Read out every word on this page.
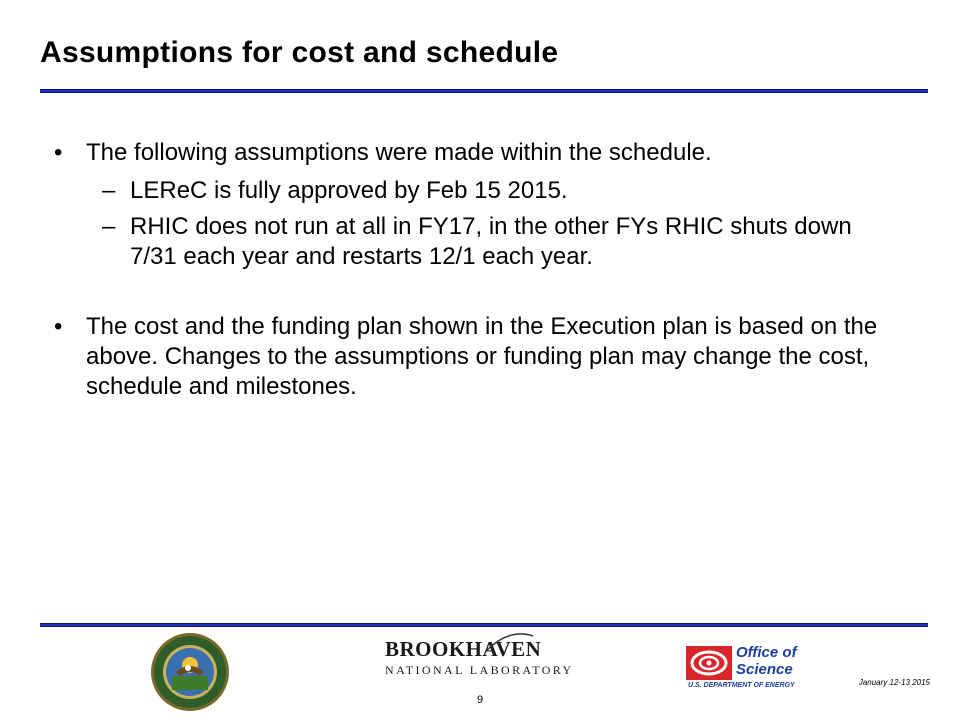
Assumptions for cost and schedule
• The following assumptions were made within the schedule.
– LEReC is fully approved by Feb 15 2015.
– RHIC does not run at all in FY17, in the other FYs RHIC shuts down 7/31 each year and restarts 12/1 each year.
• The cost and the funding plan shown in the Execution plan is based on the above. Changes to the assumptions or funding plan may change the cost, schedule and milestones.
BROOKHAVEN
NATIONAL LABORATORY
Office of
Science
U.S. DEPARTMENT OF ENERGY	January 12-13 2015
9
